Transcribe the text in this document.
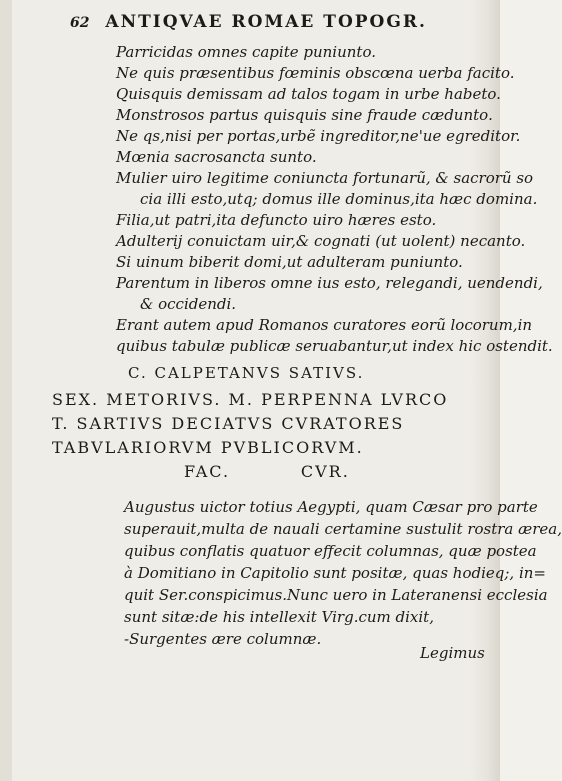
62 ANTIQVAE ROMAE TOPOGR.
Parricidas omnes capite puniunto.
Ne quis præsentibus fœminis obscœna uerba facito.
Quisquis demissam ad talos togam in urbe habeto.
Monstrosos partus quisquis sine fraude cæduntо.
Ne qs,nisi per portas,urbẽ ingreditor,ne'ue egreditor.
Mœnia sacrosancta sunto.
Mulier uiro legitime coniuncta fortunarũ, & sacrorũ so
cia illi esto,utq; domus ille dominus,ita hæc domina.
Filia,ut patri,ita defuncto uiro hæres esto.
Adulterij conuictam uir,& cognati (ut uolent) necanto.
Si uinum biberit domi,ut adulteram puniunto.
Parentum in liberos omne ius esto, relegandi, uendendi,
& occidendi.
Erant autem apud Romanos curatores eorũ locorum,in
quibus tabulæ publicæ seruabantur,ut index hic ostendit.
C. CALPETANVS SATIVS.
SEX. METORIVS. M. PERPENNA LVRCO
T. SARTIVS DECIATVS CVRATORES
TABVLARIORVM PVBLICORVM.
FAC.          CVR.
Augustus uictor totius Aegypti, quam Cæsar pro parte
superauit,multa de nauali certamine sustulit rostra ærea,
quibus conflatis quatuor effecit columnas, quæ postea
à Domitiano in Capitolio sunt positæ, quas hodieq;, in=
quit Ser.conspicimus.Nunc uero in Lateranensi ecclesia
sunt sitæ:de his intellexit Virg.cum dixit,
-Surgentes ære columnæ.
Legimus
